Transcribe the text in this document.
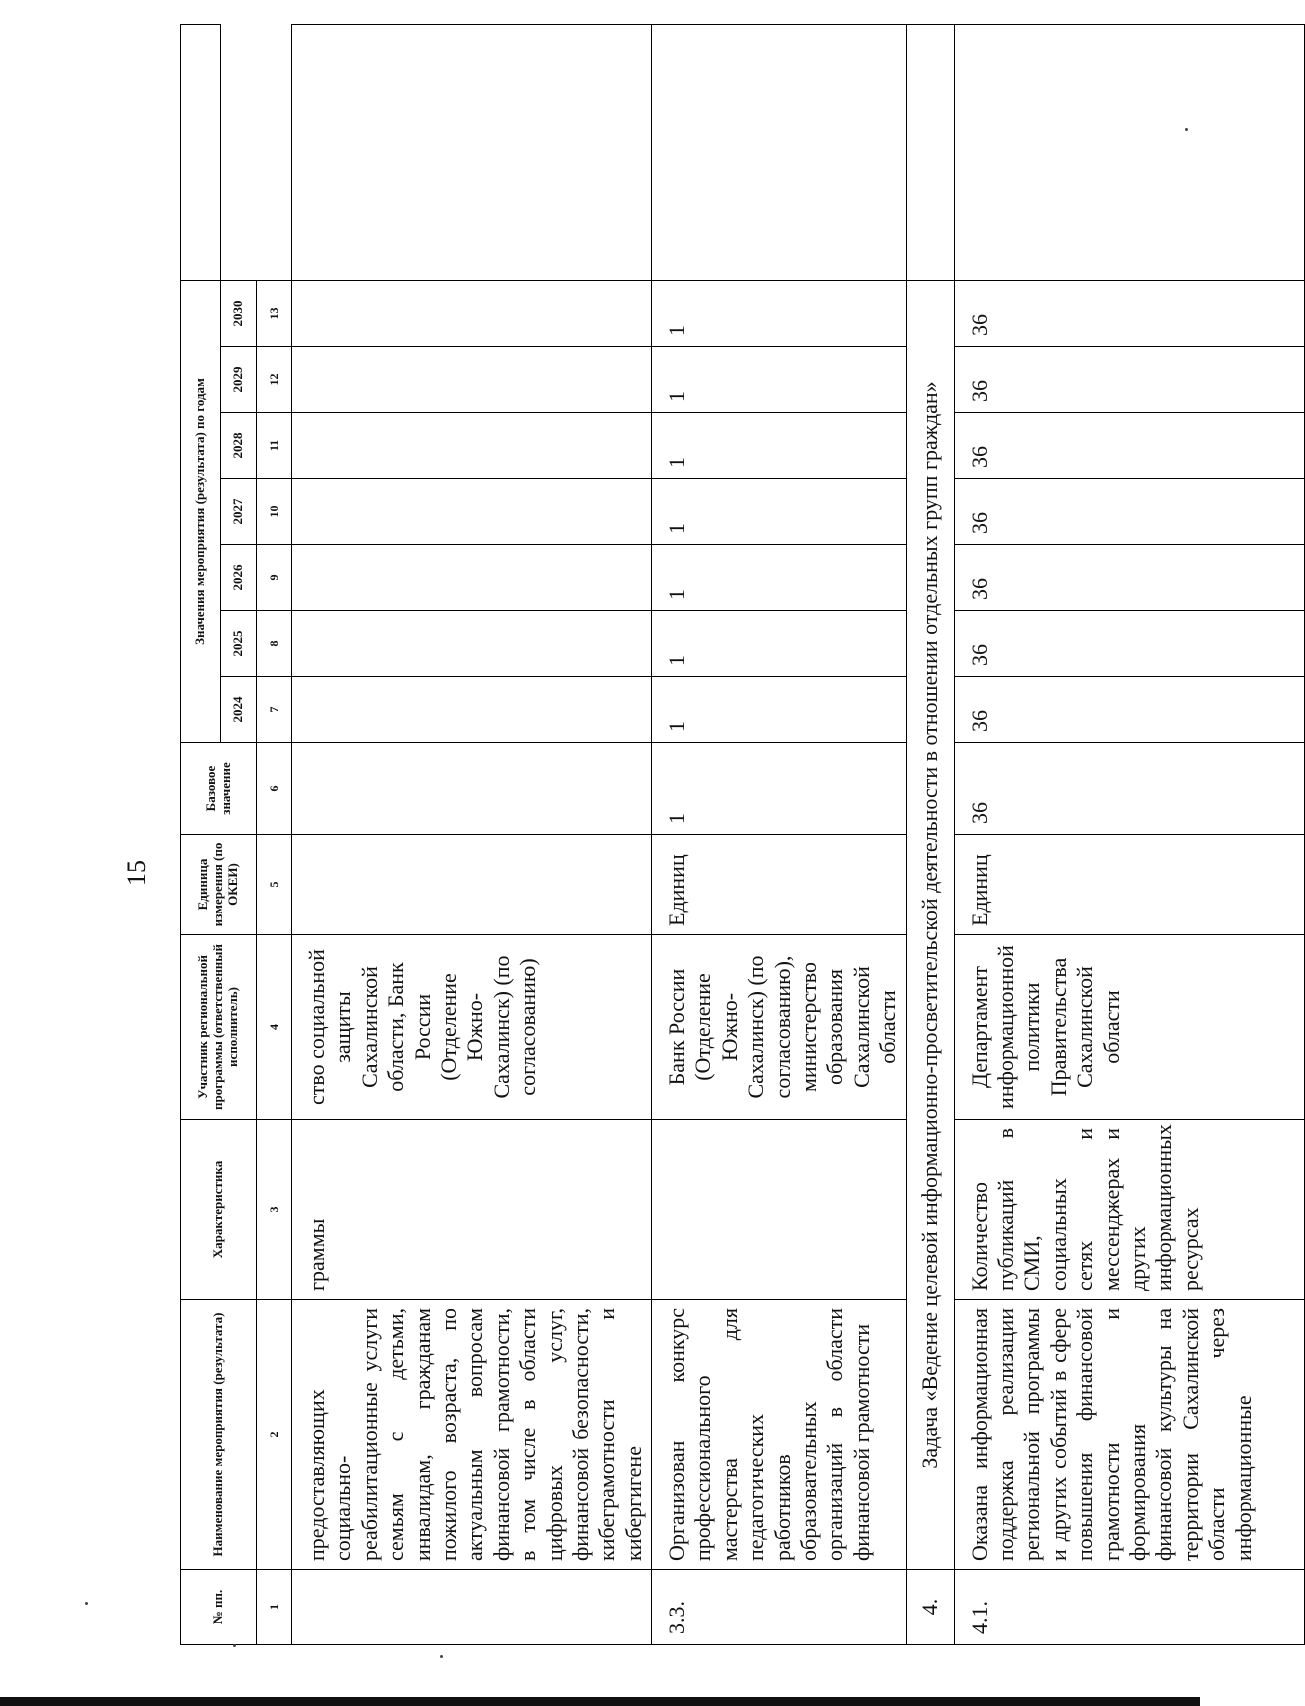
15
№ пп.	Наименование мероприятия (результата)	Характеристика	Участник региональной программы (ответственный исполнитель)	Единица измерения (по ОКЕИ)	Базовое значение	Значения мероприятия (результата) по годам							
						2024	2025	2026	2027	2028	2029	2030	
1	2	3	4	5	6	7	8	9	10	11	12	13	
	предоставляющих социально-реабилитационные услуги семьям с детьми, инвалидам, гражданам пожилого возраста, по актуальным вопросам финансовой грамотности, в том числе в области цифровых услуг, финансовой безопасности, кибеграмотности и кибергигене	граммы	ство социальной защиты Сахалинской области, Банк России (Отделение Южно-Сахалинск) (по согласованию)										
3.3.	Организован конкурс профессионального мастерства для педагогических работников образовательных организаций в области финансовой грамотности		Банк России (Отделение Южно-Сахалинск) (по согласованию), министерство образования Сахалинской области	Единиц	1	1	1	1	1	1	1	1	
4.	Задача «Ведение целевой информационно-просветительской деятельности в отношении отдельных групп граждан»												
4.1.	Оказана информационная поддержка реализации региональной программы и других событий в сфере повышения финансовой грамотности и формирования финансовой культуры на территории Сахалинской области через информационные	Количество публикаций в СМИ, социальных сетях и мессенджерах и других информационных ресурсах	Департамент информационной политики Правительства Сахалинской области	Единиц	36	36	36	36	36	36	36	36	
